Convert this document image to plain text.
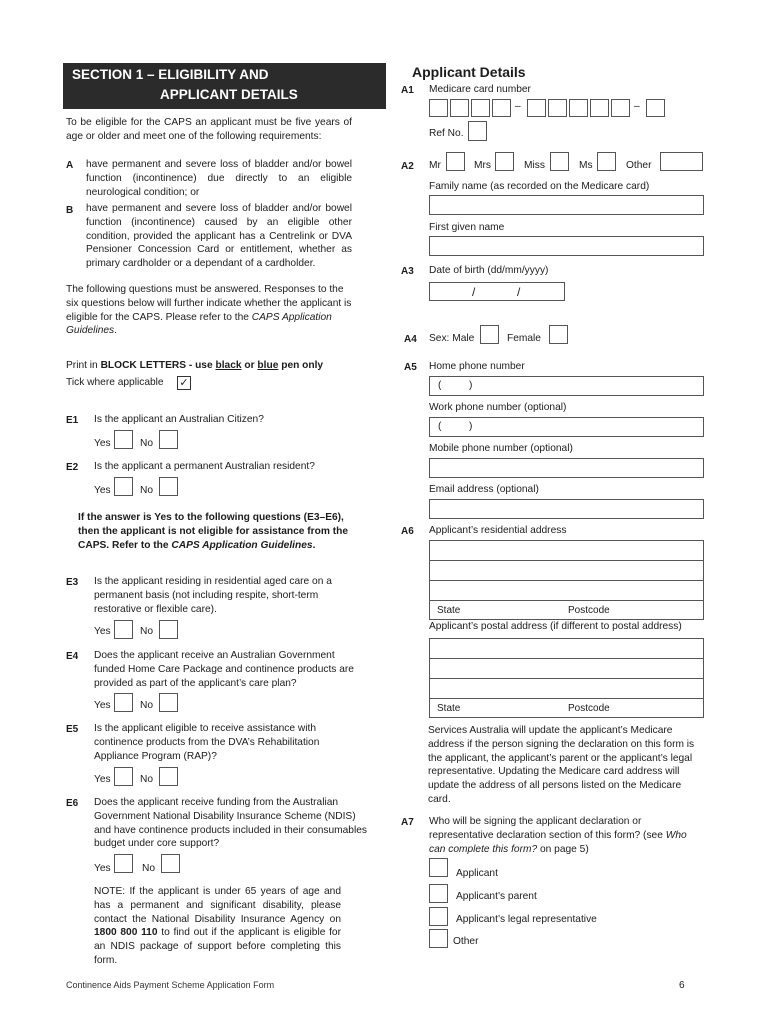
SECTION 1 – ELIGIBILITY AND
APPLICANT DETAILS
To be eligible for the CAPS an applicant must be five years of age or older and meet one of the following requirements:
A have permanent and severe loss of bladder and/or bowel function (incontinence) due directly to an eligible neurological condition; or
B have permanent and severe loss of bladder and/or bowel function (incontinence) caused by an eligible other condition, provided the applicant has a Centrelink or DVA Pensioner Concession Card or entitlement, whether as primary cardholder or a dependant of a cardholder.
The following questions must be answered. Responses to the six questions below will further indicate whether the applicant is eligible for the CAPS. Please refer to the CAPS Application Guidelines.
Print in BLOCK LETTERS - use black or blue pen only
Tick where applicable ✓
E1 Is the applicant an Australian Citizen?
Yes	No
E2 Is the applicant a permanent Australian resident?
Yes	No
If the answer is Yes to the following questions (E3–E6),
then the applicant is not eligible for assistance from the
CAPS. Refer to the CAPS Application Guidelines.
E3 Is the applicant residing in residential aged care on a permanent basis (not including respite, short-term restorative or flexible care).
Yes	No
E4 Does the applicant receive an Australian Government funded Home Care Package and continence products are provided as part of the applicant’s care plan?
Yes	No
E5 Is the applicant eligible to receive assistance with continence products from the DVA’s Rehabilitation Appliance Program (RAP)?
Yes	No
E6 Does the applicant receive funding from the Australian Government National Disability Insurance Scheme (NDIS) and have continence products included in their consumables budget under core support?
Yes	No
NOTE: If the applicant is under 65 years of age and has a permanent and significant disability, please contact the National Disability Insurance Agency on 1800 800 110 to find out if the applicant is eligible for an NDIS package of support before completing this form.
Applicant Details
A1 Medicare card number
–	–
Ref No.
A2 Mr	Mrs	Miss	Ms	Other
Family name (as recorded on the Medicare card)
First given name
A3 Date of birth (dd/mm/yyyy)
/	/
A4 Sex: Male	Female
A5 Home phone number
(	)
Work phone number (optional)
(	)
Mobile phone number (optional)
Email address (optional)
A6 Applicant’s residential address
State	Postcode
Applicant’s postal address (if different to postal address)
State	Postcode
Services Australia will update the applicant’s Medicare address if the person signing the declaration on this form is the applicant, the applicant’s parent or the applicant’s legal representative. Updating the Medicare card address will update the address of all persons listed on the Medicare card.
A7 Who will be signing the applicant declaration or representative declaration section of this form? (see Who can complete this form? on page 5)
Applicant
Applicant’s parent
Applicant’s legal representative
Other
Continence Aids Payment Scheme Application Form	6
